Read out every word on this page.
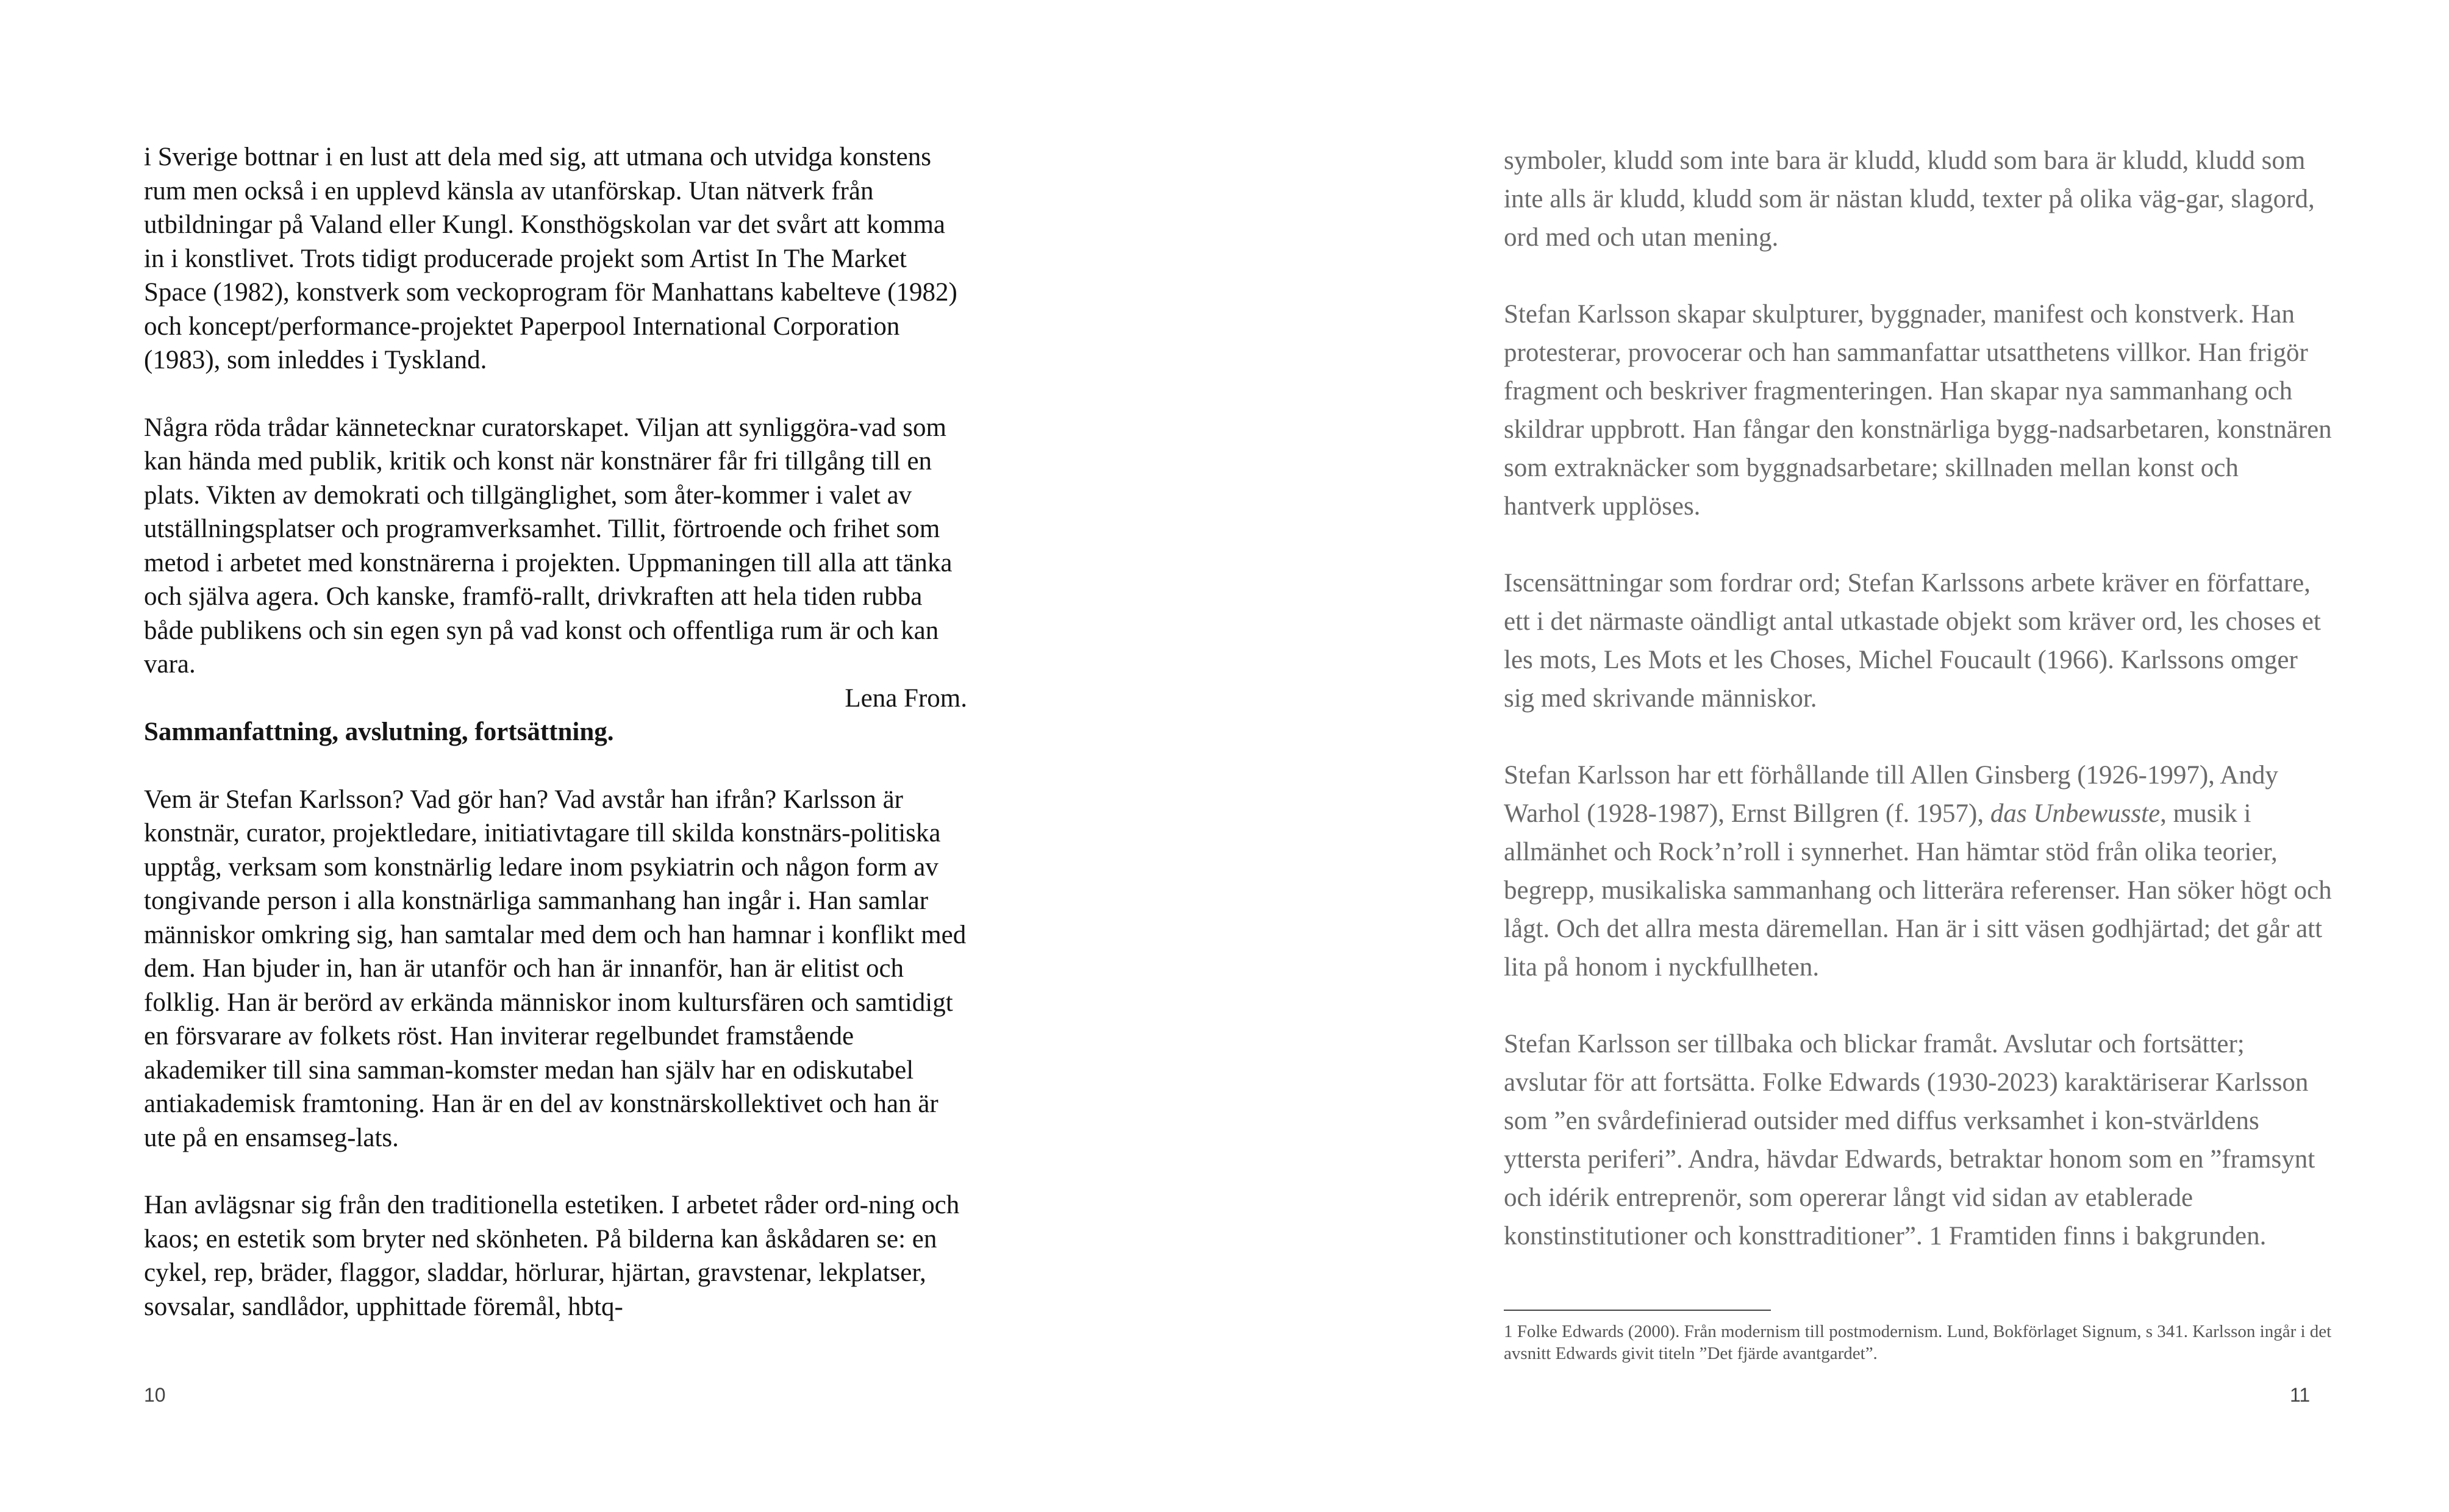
i Sverige bottnar i en lust att dela med sig, att utmana och utvidga konstens rum men också i en upplevd känsla av utanförskap. Utan nätverk från utbildningar på Valand eller Kungl. Konsthögskolan var det svårt att komma in i konstlivet. Trots tidigt producerade projekt som Artist In The Market Space (1982), konstverk som veckoprogram för Manhattans kabelteve (1982) och koncept/performance-projektet Paperpool International Corporation (1983), som inleddes i Tyskland.

Några röda trådar kännetecknar curatorskapet. Viljan att synliggöra-vad som kan hända med publik, kritik och konst när konstnärer får fri tillgång till en plats. Vikten av demokrati och tillgänglighet, som åter-kommer i valet av utställningsplatser och programverksamhet. Tillit, förtroende och frihet som metod i arbetet med konstnärerna i projekten. Uppmaningen till alla att tänka och själva agera. Och kanske, framfö-rallt, drivkraften att hela tiden rubba både publikens och sin egen syn på vad konst och offentliga rum är och kan vara.

Lena From.

Sammanfattning, avslutning, fortsättning.

Vem är Stefan Karlsson? Vad gör han? Vad avstår han ifrån? Karlsson är konstnär, curator, projektledare, initiativtagare till skilda konstnärs-politiska upptåg, verksam som konstnärlig ledare inom psykiatrin och någon form av tongivande person i alla konstnärliga sammanhang han ingår i. Han samlar människor omkring sig, han samtalar med dem och han hamnar i konflikt med dem. Han bjuder in, han är utanför och han är innanför, han är elitist och folklig. Han är berörd av erkända människor inom kultursfären och samtidigt en försvarare av folkets röst. Han inviterar regelbundet framstående akademiker till sina samman-komster medan han själv har en odiskutabel antiakademisk framtoning. Han är en del av konstnärskollektivet och han är ute på en ensamseg-lats.

Han avlägsnar sig från den traditionella estetiken. I arbetet råder ord-ning och kaos; en estetik som bryter ned skönheten. På bilderna kan åskådaren se: en cykel, rep, bräder, flaggor, sladdar, hörlurar, hjärtan, gravstenar, lekplatser, sovsalar, sandlådor, upphittade föremål, hbtq-

10

symboler, kludd som inte bara är kludd, kludd som bara är kludd, kludd som inte alls är kludd, kludd som är nästan kludd, texter på olika väg-gar, slagord, ord med och utan mening.

Stefan Karlsson skapar skulpturer, byggnader, manifest och konstverk. Han protesterar, provocerar och han sammanfattar utsatthetens villkor. Han frigör fragment och beskriver fragmenteringen. Han skapar nya sammanhang och skildrar uppbrott. Han fångar den konstnärliga bygg-nadsarbetaren, konstnären som extraknäcker som byggnadsarbetare; skillnaden mellan konst och hantverk upplöses.

Iscensättningar som fordrar ord; Stefan Karlssons arbete kräver en författare, ett i det närmaste oändligt antal utkastade objekt som kräver ord, les choses et les mots, Les Mots et les Choses, Michel Foucault (1966). Karlssons omger sig med skrivande människor.

Stefan Karlsson har ett förhållande till Allen Ginsberg (1926-1997), Andy Warhol (1928-1987), Ernst Billgren (f. 1957), das Unbewusste, musik i allmänhet och Rock’n’roll i synnerhet. Han hämtar stöd från olika teorier, begrepp, musikaliska sammanhang och litterära referenser. Han söker högt och lågt. Och det allra mesta däremellan. Han är i sitt väsen godhjärtad; det går att lita på honom i nyckfullheten.

Stefan Karlsson ser tillbaka och blickar framåt. Avslutar och fortsätter; avslutar för att fortsätta. Folke Edwards (1930-2023) karaktäriserar Karlsson som ”en svårdefinierad outsider med diffus verksamhet i kon-stvärldens yttersta periferi”. Andra, hävdar Edwards, betraktar honom som en ”framsynt och idérik entreprenör, som opererar långt vid sidan av etablerade konstinstitutioner och konsttraditioner”. 1 Framtiden finns i bakgrunden.

1 Folke Edwards (2000). Från modernism till postmodernism. Lund, Bokförlaget Signum, s 341. Karlsson ingår i det avsnitt Edwards givit titeln ”Det fjärde avantgardet”.
11
